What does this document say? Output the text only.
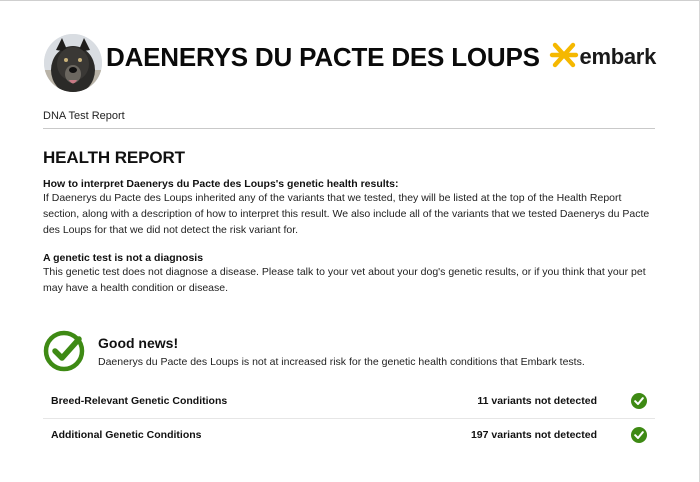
DAENERYS DU PACTE DES LOUPS embark
DNA Test Report
HEALTH REPORT
How to interpret Daenerys du Pacte des Loups's genetic health results:
If Daenerys du Pacte des Loups inherited any of the variants that we tested, they will be listed at the top of the Health Report
section, along with a description of how to interpret this result. We also include all of the variants that we tested Daenerys du Pacte
des Loups for that we did not detect the risk variant for.
A genetic test is not a diagnosis
This genetic test does not diagnose a disease. Please talk to your vet about your dog's genetic results, or if you think that your pet
may have a health condition or disease.
Good news!
Daenerys du Pacte des Loups is not at increased risk for the genetic health conditions that Embark tests.
Breed-Relevant Genetic Conditions	11 variants not detected
Additional Genetic Conditions	197 variants not detected
